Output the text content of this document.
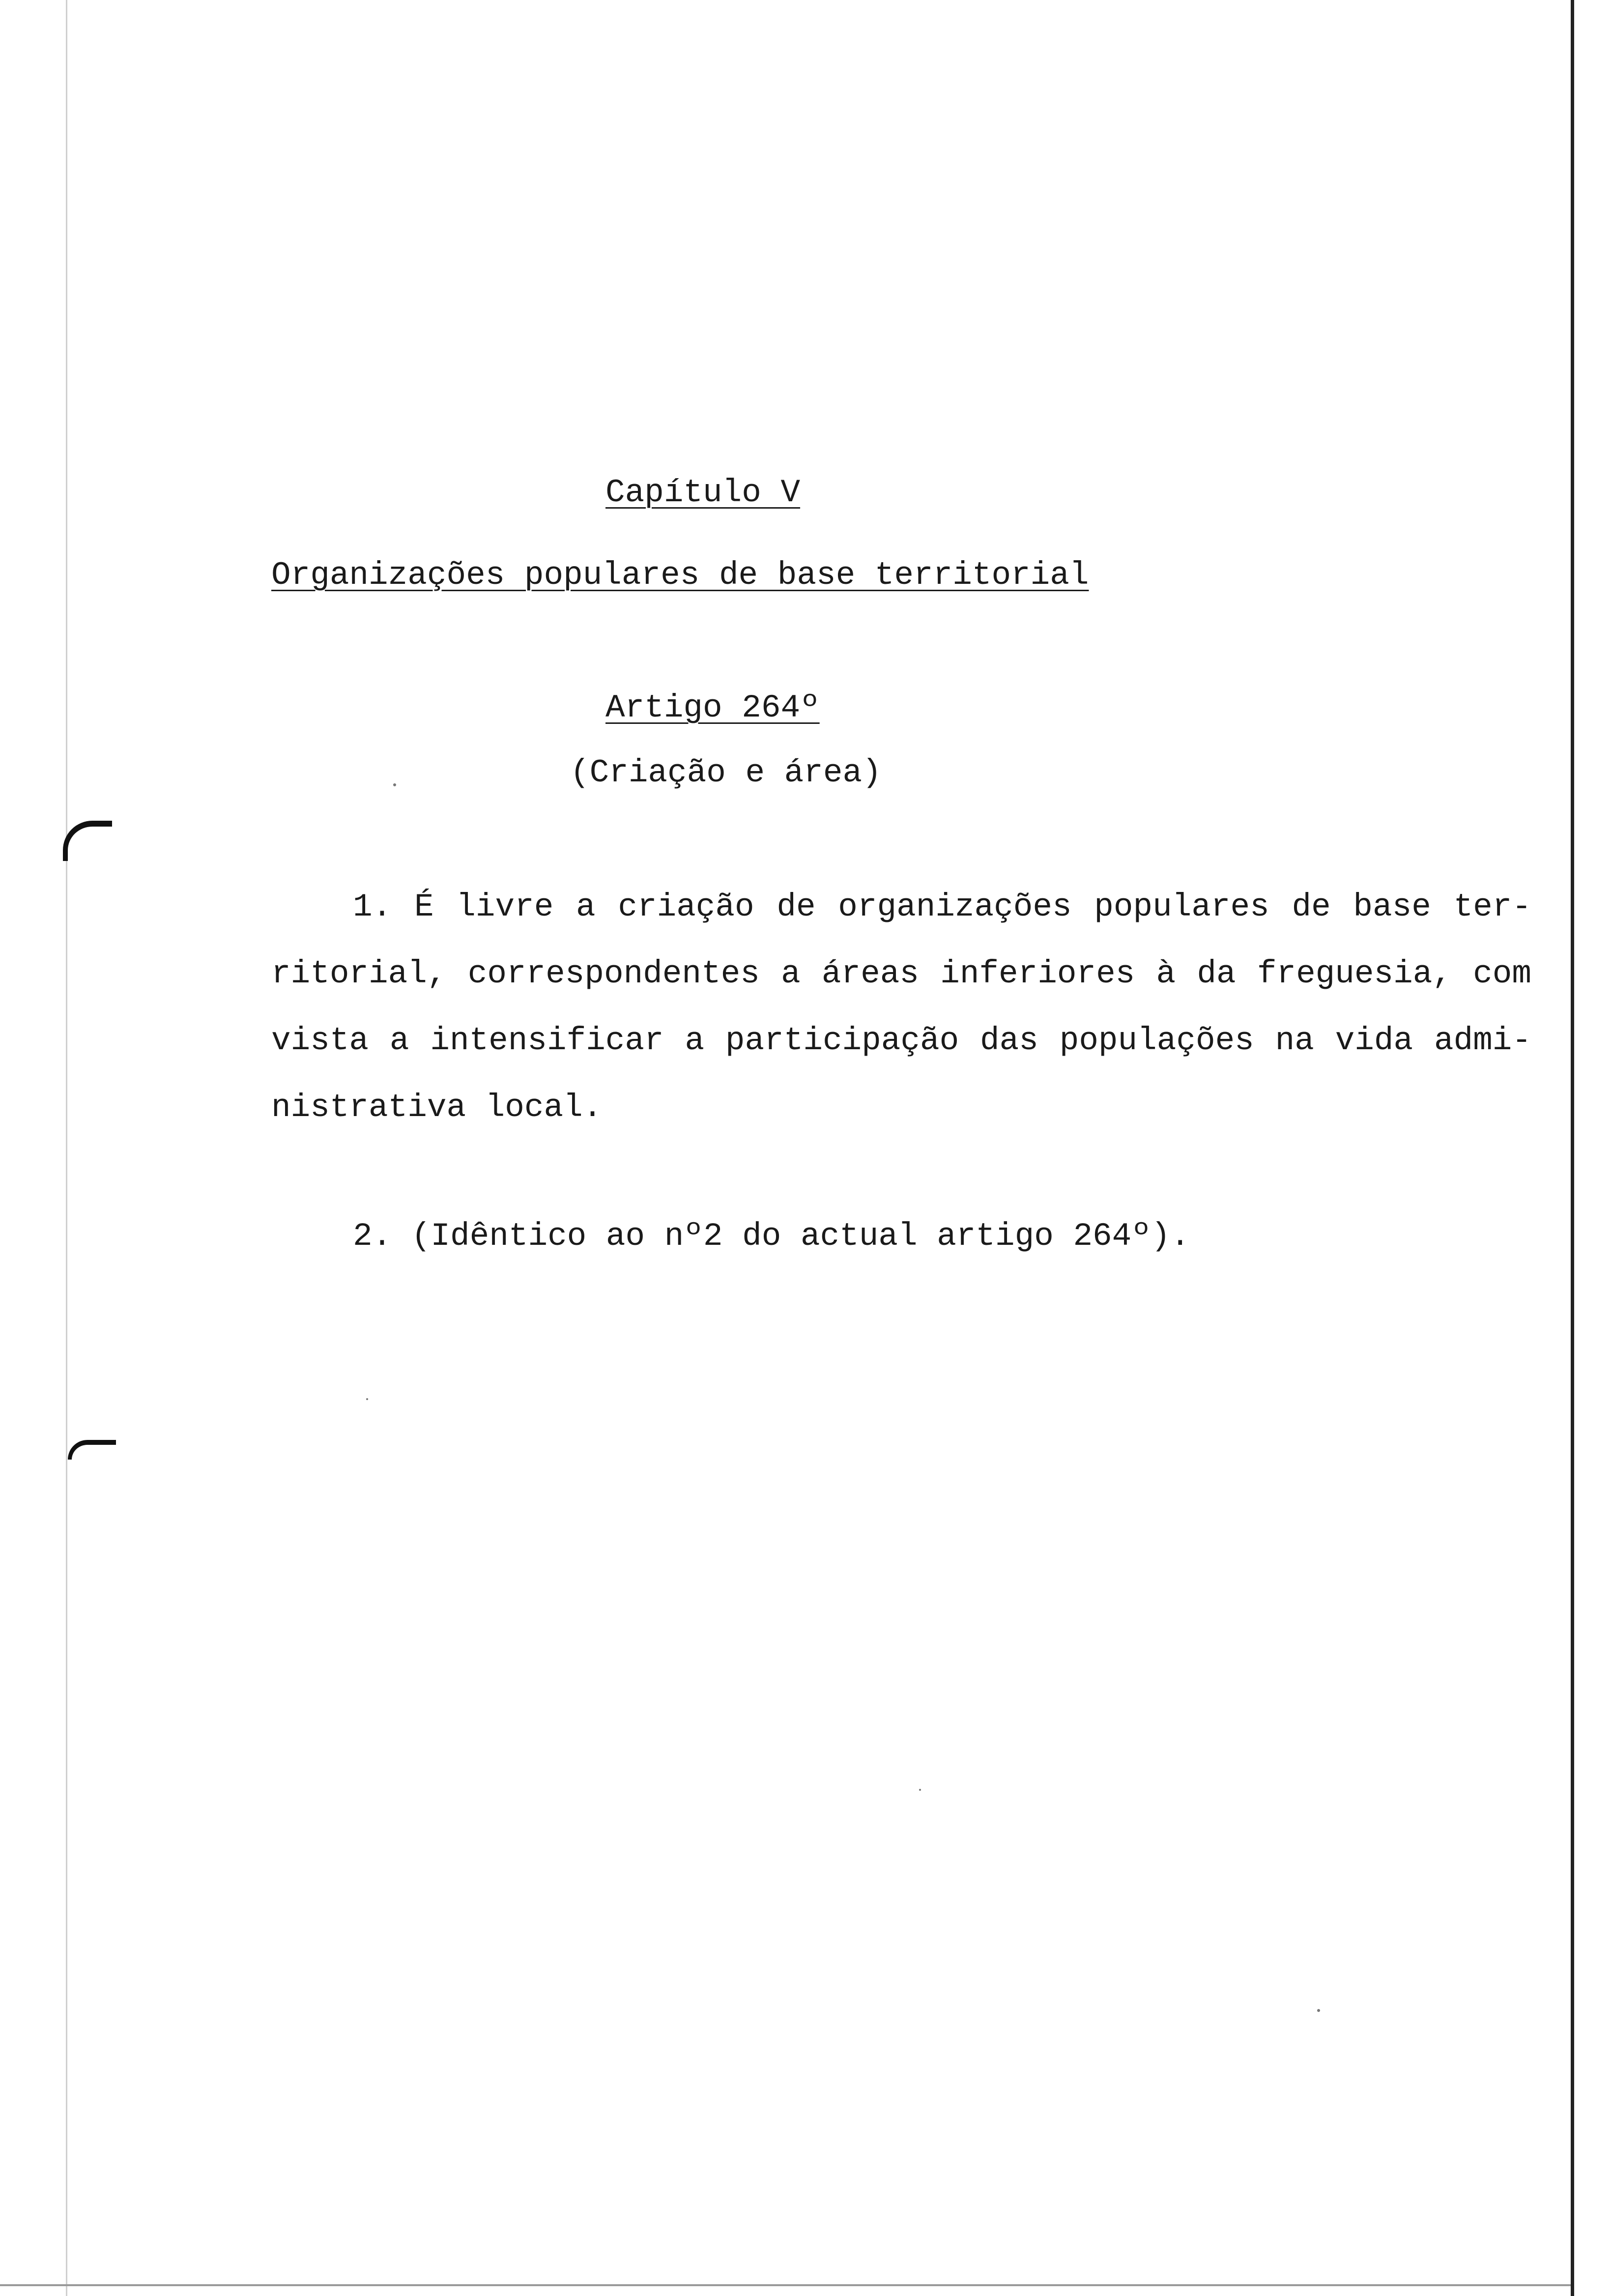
Capítulo V
Organizações populares de base territorial
Artigo 264º
(Criação e área)
1. É livre a criação de organizações populares de base ter-
ritorial, correspondentes a áreas inferiores à da freguesia, com
vista a intensificar a participação das populações na vida admi-
nistrativa local.
2. (Idêntico ao nº2 do actual artigo 264º).
